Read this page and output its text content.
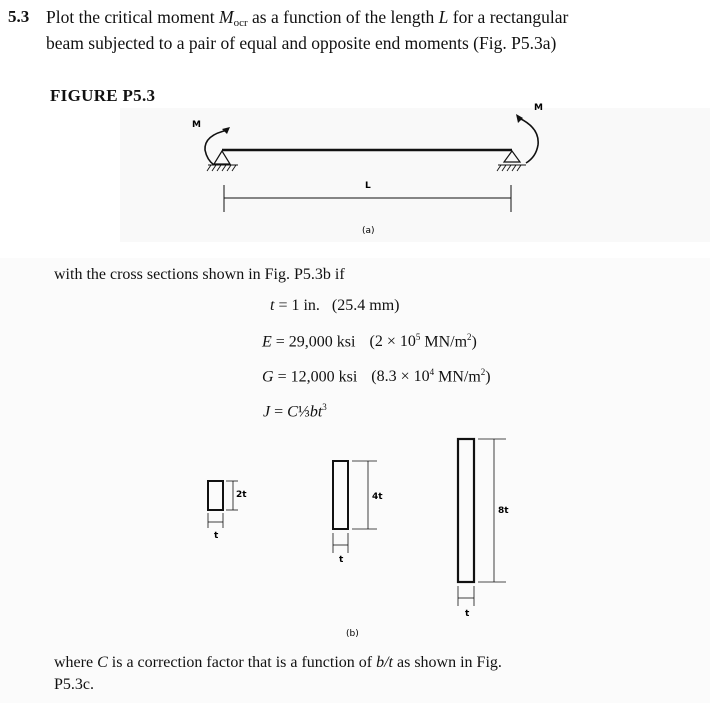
5.3 Plot the critical moment Mocr as a function of the length L for a rectangular
beam subjected to a pair of equal and opposite end moments (Fig. P5.3a)
FIGURE P5.3
M
M
L
(a)
with the cross sections shown in Fig. P5.3b if
t = 1 in. (25.4 mm)
E = 29,000 ksi ($2 \times 10^5$ $MN/m^2$)
G = 12,000 ksi ($8.3 \times 10^4$ $MN/m^2$)
$J = C\frac{1}{3}bt^3$
2t	4t
8t
t
t
t
(b)
where C is a correction factor that is a function of b/t as shown in Fig.
P5.3c.
